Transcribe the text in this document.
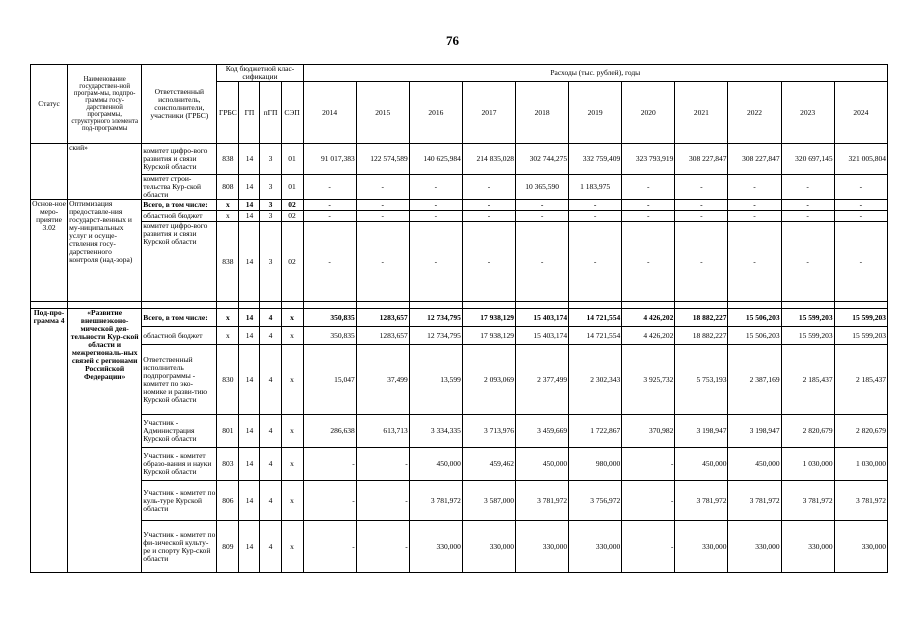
76
Статус	Наименование государствен-ной програм-мы, подпро-граммы госу-дарственной программы, структурного элемента под-программы	Ответственный исполнитель, соисполнители, участники (ГРБС)	Код бюджетной клас-сификации				Расходы (тыс. рублей), годы										
			ГРБС	ГП	пГП	СЭП	2014	2015	2016	2017	2018	2019	2020	2021	2022	2023	2024
	ский»	комитет цифро-вого развития и связи Курской области	838	14	3	01	91 017,383	122 574,589	140 625,984	214 835,028	302 744,275	332 759,409	323 793,919	308 227,847	308 227,847	320 697,145	321 005,804
		комитет строи-тельства Кур-ской области	808	14	3	01	-	-	-	-	10 365,590	1 183,975	-	-	-	-	-
Основ-ное меро-приятие 3.02	Оптимизация предоставле-ния государст-венных и му-ниципальных услуг и осуще-ствления госу-дарственного контроля (над-зора)	Всего, в том числе:	x	14	3	02	-	-	-	-	-	-	-	-	-	-	-
		областной бюджет	x	14	3	02	-	-	-	-	-	-	-	-	-	-	-
		комитет цифро-вого развития и связи Курской области	838	14	3	02	-	-	-	-	-	-	-	-	-	-	-

Под-про-грамма 4	«Развитие внешнеэконо-мической дея-тельности Кур-ской области и межрегиональ-ных связей с регионами Российской Федерации»	Всего, в том числе:	x	14	4	x	350,835	1283,657	12 734,795	17 938,129	15 403,174	14 721,554	4 426,202	18 882,227	15 506,203	15 599,203	15 599,203
		областной бюджет	x	14	4	x	350,835	1283,657	12 734,795	17 938,129	15 403,174	14 721,554	4 426,202	18 882,227	15 506,203	15 599,203	15 599,203
		Ответственный исполнитель подпрограммы - комитет по эко-номике и разви-тию Курской области	830	14	4	x	15,047	37,499	13,599	2 093,069	2 377,499	2 302,343	3 925,732	5 753,193	2 387,169	2 185,437	2 185,437
		Участник - Администрация Курской области	801	14	4	x	286,638	613,713	3 334,335	3 713,976	3 459,669	1 722,867	370,982	3 198,947	3 198,947	2 820,679	2 820,679
		Участник - комитет образо-вания и науки Курской области	803	14	4	x	-	-	450,000	459,462	450,000	980,000	-	450,000	450,000	1 030,000	1 030,000
		Участник - комитет по куль-туре Курской области	806	14	4	x	-	-	3 781,972	3 587,000	3 781,972	3 756,972	-	3 781,972	3 781,972	3 781,972	3 781,972
		Участник - комитет по фи-зической культу-ре и спорту Кур-ской области	809	14	4	x	-	-	330,000	330,000	330,000	330,000	-	330,000	330,000	330,000	330,000
